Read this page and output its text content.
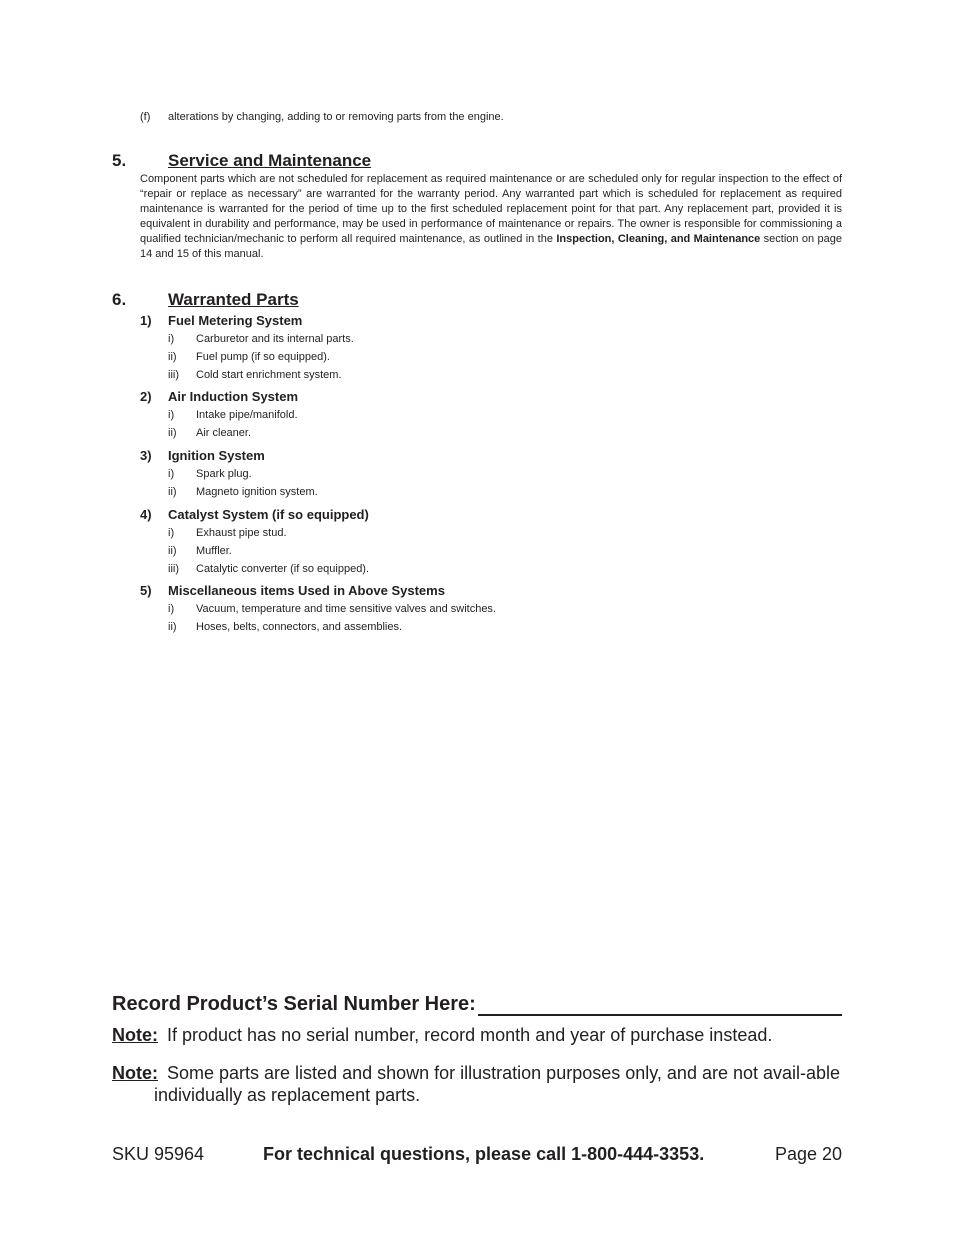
(f) alterations by changing, adding to or removing parts from the engine.
5. Service and Maintenance
Component parts which are not scheduled for replacement as required maintenance or are scheduled only for regular inspection to the effect of “repair or replace as necessary” are warranted for the warranty period. Any warranted part which is scheduled for replacement as required maintenance is warranted for the period of time up to the first scheduled replacement point for that part. Any replacement part, provided it is equivalent in durability and performance, may be used in performance of maintenance or repairs. The owner is responsible for commissioning a qualified technician/mechanic to perform all required maintenance, as outlined in the Inspection, Cleaning, and Maintenance section on page 14 and 15 of this manual.
6. Warranted Parts
1) Fuel Metering System
i) Carburetor and its internal parts.
ii) Fuel pump (if so equipped).
iii) Cold start enrichment system.
2) Air Induction System
i) Intake pipe/manifold.
ii) Air cleaner.
3) Ignition System
i) Spark plug.
ii) Magneto ignition system.
4) Catalyst System (if so equipped)
i) Exhaust pipe stud.
ii) Muffler.
iii) Catalytic converter (if so equipped).
5) Miscellaneous items Used in Above Systems
i) Vacuum, temperature and time sensitive valves and switches.
ii) Hoses, belts, connectors, and assemblies.
Record Product’s Serial Number Here:
Note: If product has no serial number, record month and year of purchase instead.
Note: Some parts are listed and shown for illustration purposes only, and are not avail-able individually as replacement parts.
SKU 95964	For technical questions, please call 1-800-444-3353.	Page 20
